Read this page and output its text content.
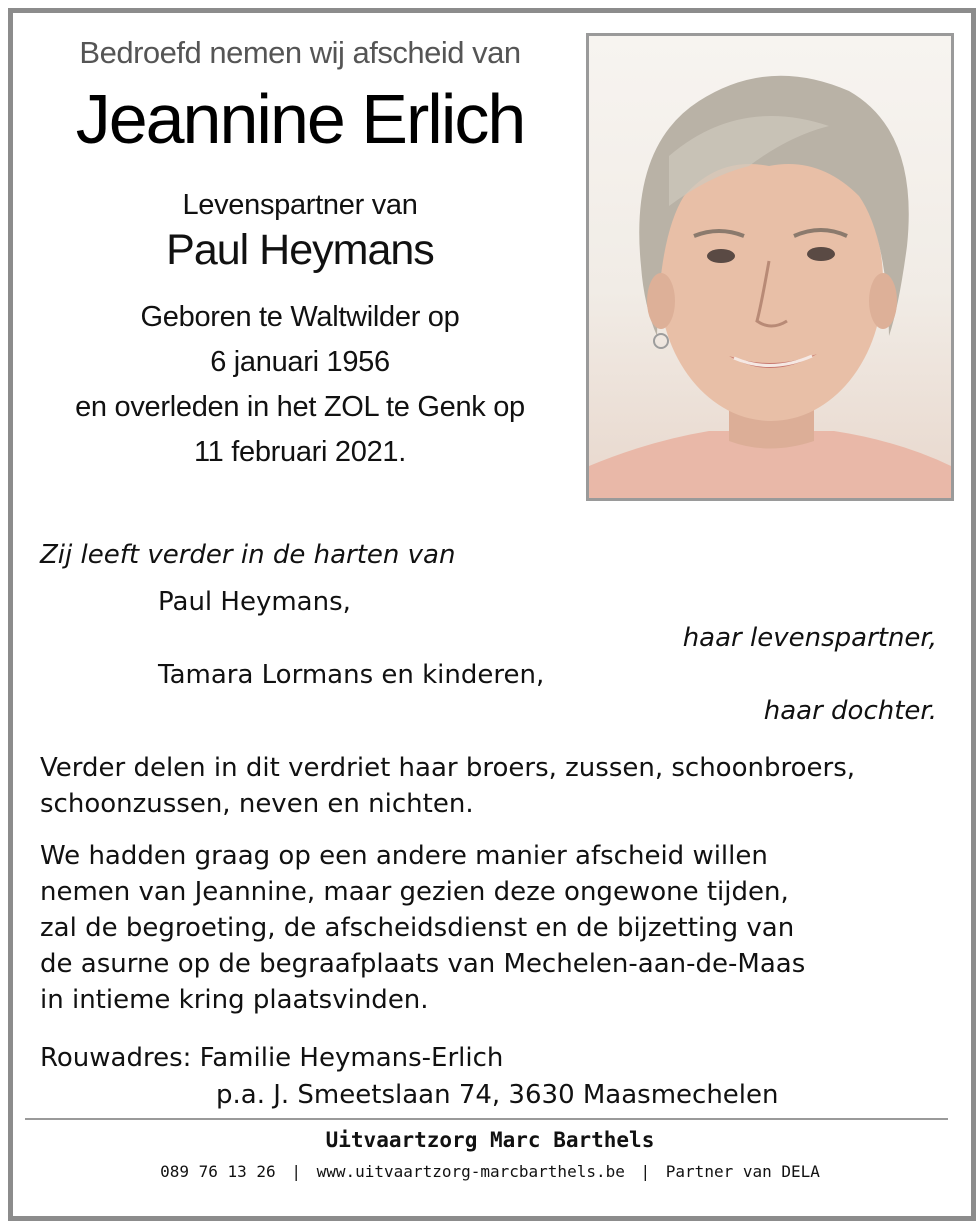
Bedroefd nemen wij afscheid van
Jeannine Erlich
Levenspartner van
Paul Heymans
Geboren te Waltwilder op
6 januari 1956
en overleden in het ZOL te Genk op
11 februari 2021.
Zij leeft verder in de harten van
Paul Heymans,
haar levenspartner,
Tamara Lormans en kinderen,
haar dochter.
Verder delen in dit verdriet haar broers, zussen, schoonbroers,
schoonzussen, neven en nichten.
We hadden graag op een andere manier afscheid willen
nemen van Jeannine, maar gezien deze ongewone tijden,
zal de begroeting, de afscheidsdienst en de bijzetting van
de asurne op de begraafplaats van Mechelen-aan-de-Maas
in intieme kring plaatsvinden.
Rouwadres: Familie Heymans-Erlich
p.a. J. Smeetslaan 74, 3630 Maasmechelen
Uitvaartzorg Marc Barthels
089 76 13 26 | www.uitvaartzorg-marcbarthels.be | Partner van DELA
